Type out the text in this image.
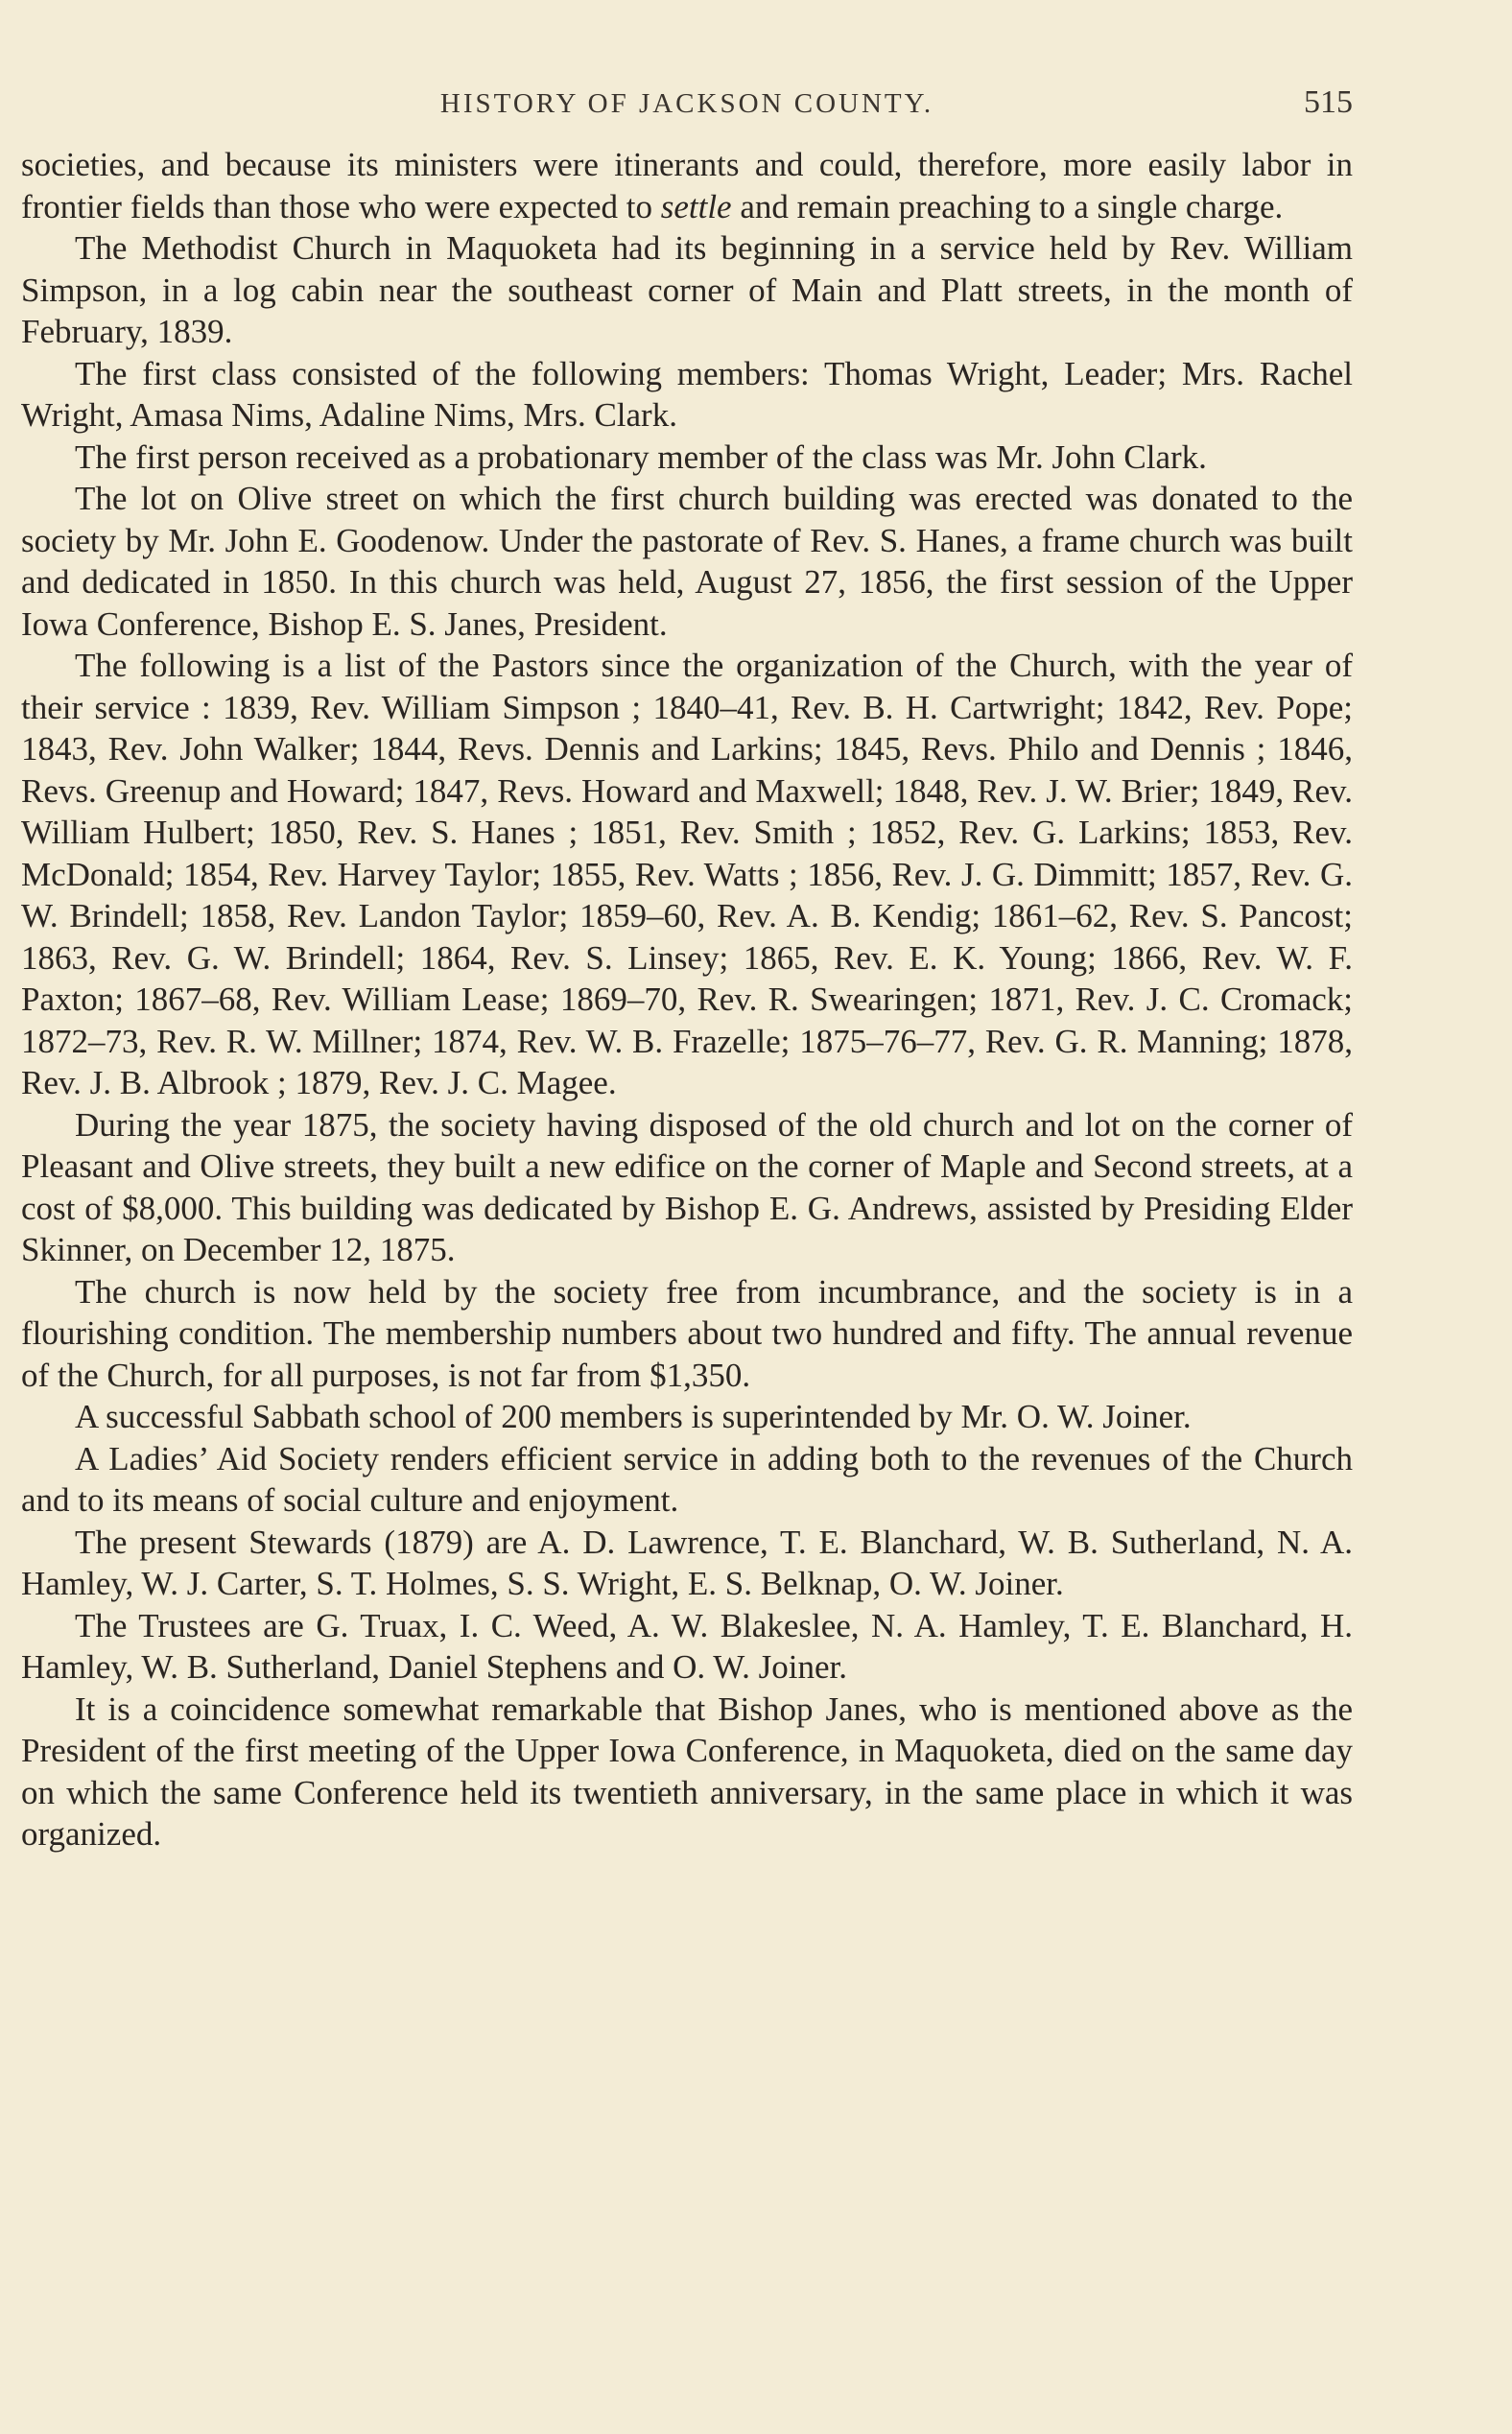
HISTORY OF JACKSON COUNTY.	515

societies, and because its ministers were itinerants and could, therefore, more easily labor in frontier fields than those who were expected to settle and remain preaching to a single charge.

The Methodist Church in Maquoketa had its beginning in a service held by Rev. William Simpson, in a log cabin near the southeast corner of Main and Platt streets, in the month of February, 1839.

The first class consisted of the following members: Thomas Wright, Leader; Mrs. Rachel Wright, Amasa Nims, Adaline Nims, Mrs. Clark.

The first person received as a probationary member of the class was Mr. John Clark.

The lot on Olive street on which the first church building was erected was donated to the society by Mr. John E. Goodenow. Under the pastorate of Rev. S. Hanes, a frame church was built and dedicated in 1850. In this church was held, August 27, 1856, the first session of the Upper Iowa Conference, Bishop E. S. Janes, President.

The following is a list of the Pastors since the organization of the Church, with the year of their service : 1839, Rev. William Simpson ; 1840–41, Rev. B. H. Cartwright; 1842, Rev. Pope; 1843, Rev. John Walker; 1844, Revs. Dennis and Larkins; 1845, Revs. Philo and Dennis ; 1846, Revs. Greenup and Howard; 1847, Revs. Howard and Maxwell; 1848, Rev. J. W. Brier; 1849, Rev. William Hulbert; 1850, Rev. S. Hanes ; 1851, Rev. Smith ; 1852, Rev. G. Larkins; 1853, Rev. McDonald; 1854, Rev. Harvey Taylor; 1855, Rev. Watts ; 1856, Rev. J. G. Dimmitt; 1857, Rev. G. W. Brindell; 1858, Rev. Landon Taylor; 1859–60, Rev. A. B. Kendig; 1861–62, Rev. S. Pancost; 1863, Rev. G. W. Brindell; 1864, Rev. S. Linsey; 1865, Rev. E. K. Young; 1866, Rev. W. F. Paxton; 1867–68, Rev. William Lease; 1869–70, Rev. R. Swearingen; 1871, Rev. J. C. Cromack; 1872–73, Rev. R. W. Millner; 1874, Rev. W. B. Frazelle; 1875–76–77, Rev. G. R. Manning; 1878, Rev. J. B. Albrook ; 1879, Rev. J. C. Magee.

During the year 1875, the society having disposed of the old church and lot on the corner of Pleasant and Olive streets, they built a new edifice on the corner of Maple and Second streets, at a cost of $8,000. This building was dedicated by Bishop E. G. Andrews, assisted by Presiding Elder Skinner, on December 12, 1875.

The church is now held by the society free from incumbrance, and the society is in a flourishing condition. The membership numbers about two hundred and fifty. The annual revenue of the Church, for all purposes, is not far from $1,350.

A successful Sabbath school of 200 members is superintended by Mr. O. W. Joiner.

A Ladies’ Aid Society renders efficient service in adding both to the revenues of the Church and to its means of social culture and enjoyment.

The present Stewards (1879) are A. D. Lawrence, T. E. Blanchard, W. B. Sutherland, N. A. Hamley, W. J. Carter, S. T. Holmes, S. S. Wright, E. S. Belknap, O. W. Joiner.

The Trustees are G. Truax, I. C. Weed, A. W. Blakeslee, N. A. Hamley, T. E. Blanchard, H. Hamley, W. B. Sutherland, Daniel Stephens and O. W. Joiner.

It is a coincidence somewhat remarkable that Bishop Janes, who is mentioned above as the President of the first meeting of the Upper Iowa Conference, in Maquoketa, died on the same day on which the same Conference held its twentieth anniversary, in the same place in which it was organized.
